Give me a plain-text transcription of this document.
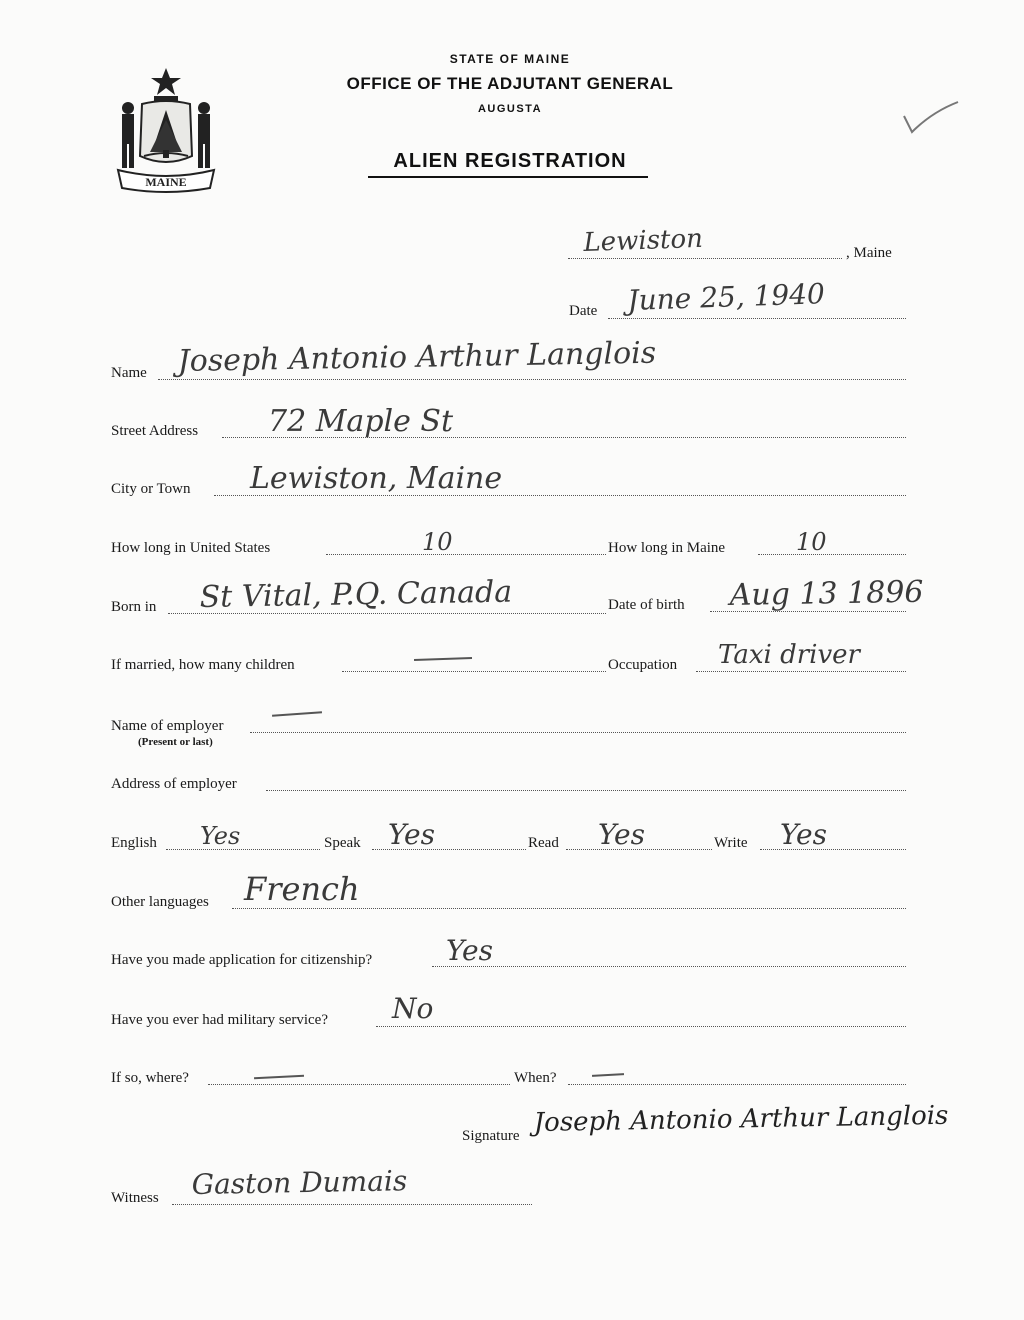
MAINE
STATE OF MAINE
OFFICE OF THE ADJUTANT GENERAL
AUGUSTA
ALIEN REGISTRATION
Lewiston	, Maine
Date June 25, 1940
Name Joseph Antonio Arthur Langlois
Street Address 72 Maple St
City or Town Lewiston, Maine
How long in United States	10	How long in Maine	10
Born in St Vital, P.Q. Canada	Date of birth Aug 13 1896
If married, how many children	Occupation Taxi driver
Name of employer
(Present or last)
Address of employer
English Yes	Speak Yes	Read Yes	Write Yes
Other languages French
Have you made application for citizenship?	Yes
Have you ever had military service? No
If so, where?	When?
Signature Joseph Antonio Arthur Langlois
Witness Gaston Dumais
